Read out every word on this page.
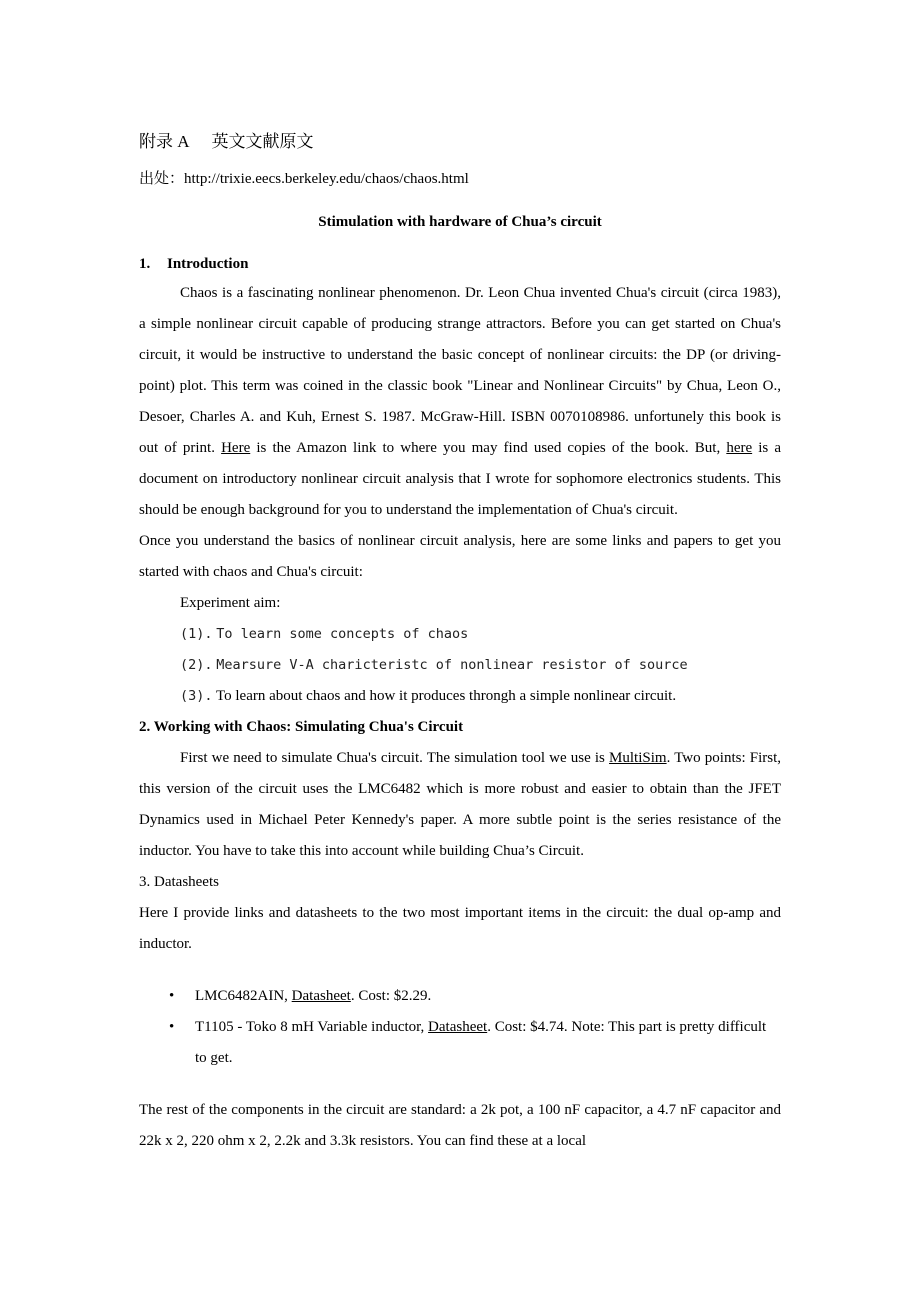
附录 A 英文文献原文

出处：http://trixie.eecs.berkeley.edu/chaos/chaos.html

Stimulation with hardware of Chua’s circuit

1. Introduction

Chaos is a fascinating nonlinear phenomenon. Dr. Leon Chua invented Chua's circuit (circa 1983), a simple nonlinear circuit capable of producing strange attractors. Before you can get started on Chua's circuit, it would be instructive to understand the basic concept of nonlinear circuits: the DP (or driving-point) plot. This term was coined in the classic book "Linear and Nonlinear Circuits" by Chua, Leon O., Desoer, Charles A. and Kuh, Ernest S. 1987. McGraw-Hill. ISBN 0070108986. unfortunely this book is out of print. Here is the Amazon link to where you may find used copies of the book. But, here is a document on introductory nonlinear circuit analysis that I wrote for sophomore electronics students. This should be enough background for you to understand the implementation of Chua's circuit.

Once you understand the basics of nonlinear circuit analysis, here are some links and papers to get you started with chaos and Chua's circuit:

Experiment aim:

(1). To learn some concepts of chaos

(2). Mearsure V-A charicteristc of nonlinear resistor of source

(3). To learn about chaos and how it produces throngh a simple nonlinear circuit.

2. Working with Chaos: Simulating Chua's Circuit

First we need to simulate Chua's circuit. The simulation tool we use is MultiSim. Two points: First, this version of the circuit uses the LMC6482 which is more robust and easier to obtain than the JFET Dynamics used in Michael Peter Kennedy's paper. A more subtle point is the series resistance of the inductor. You have to take this into account while building Chua’s Circuit.

3. Datasheets

Here I provide links and datasheets to the two most important items in the circuit: the dual op-amp and inductor.

• LMC6482AIN, Datasheet. Cost: $2.29.
• T1105 - Toko 8 mH Variable inductor, Datasheet. Cost: $4.74. Note: This part is pretty difficult to get.

The rest of the components in the circuit are standard: a 2k pot, a 100 nF capacitor, a 4.7 nF capacitor and 22k x 2, 220 ohm x 2, 2.2k and 3.3k resistors. You can find these at a local
